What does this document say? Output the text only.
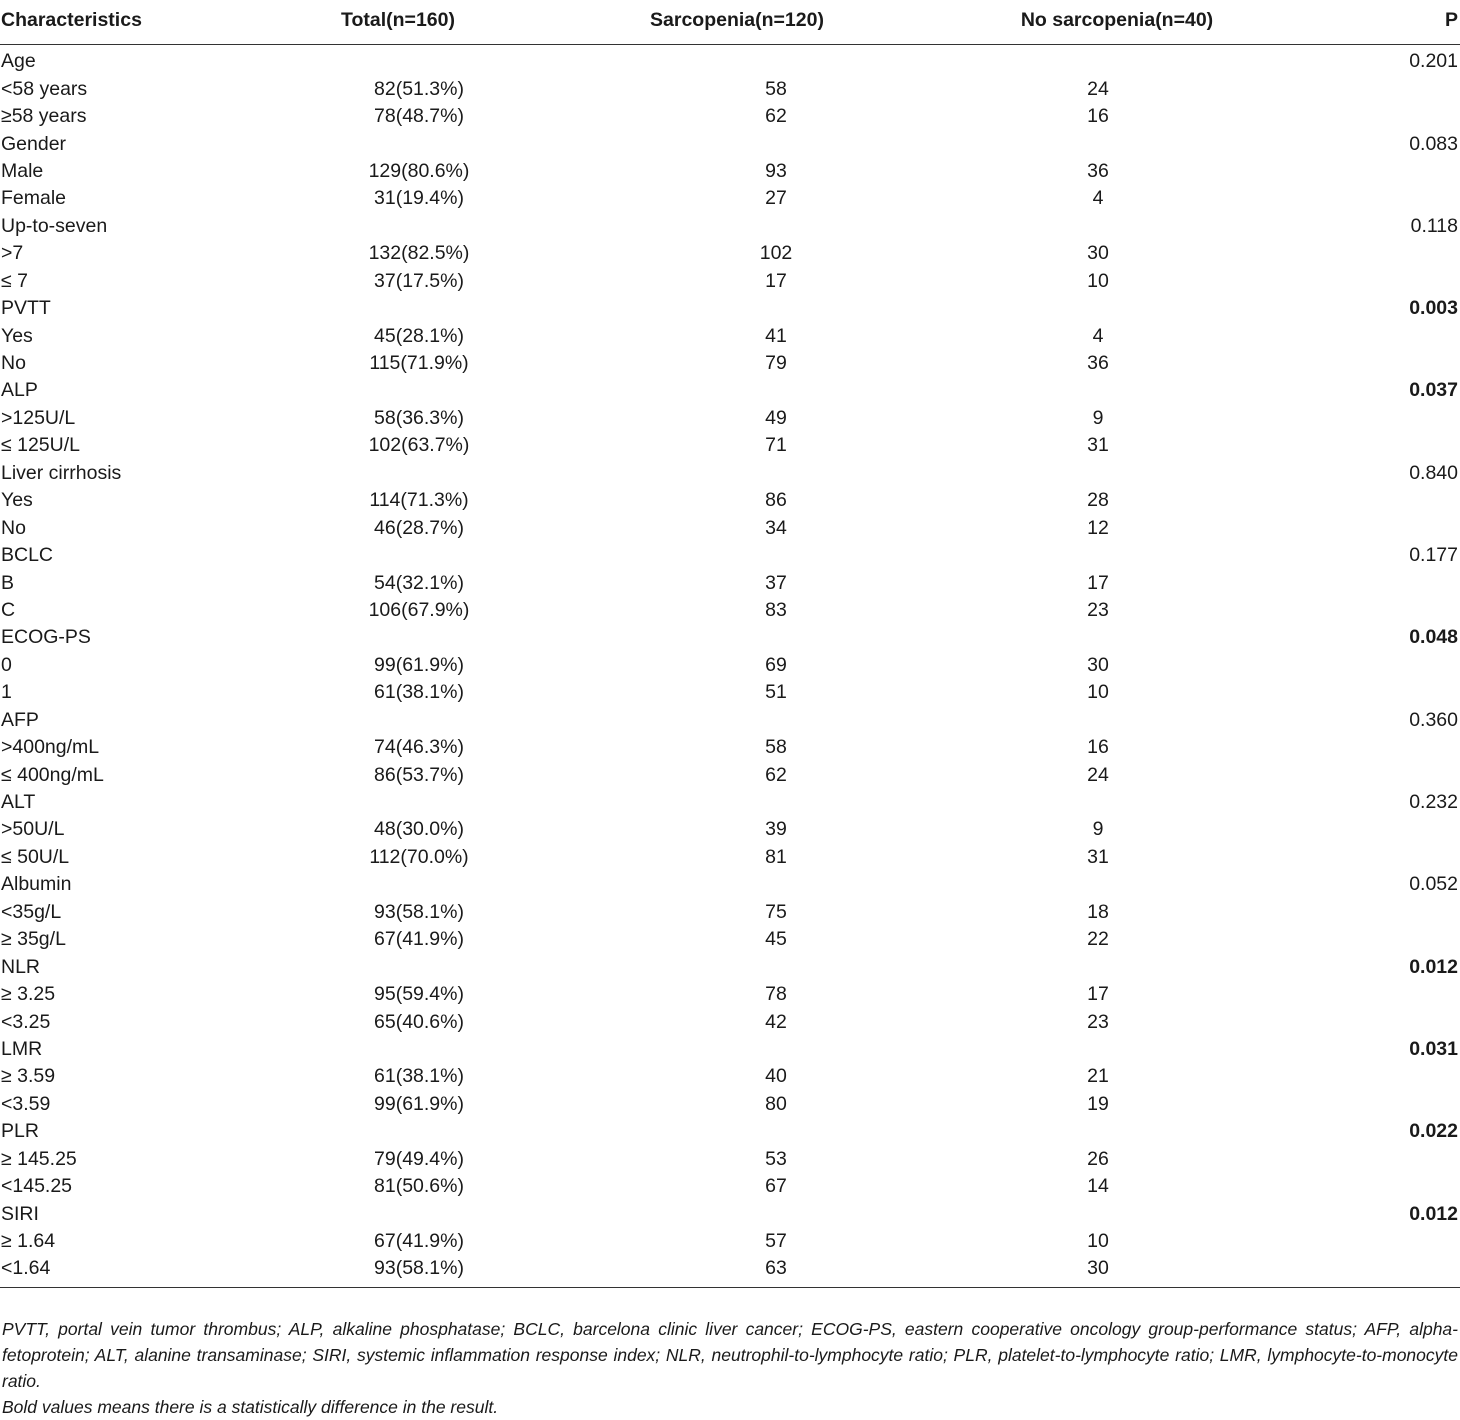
Characteristics	Total(n=160)	Sarcopenia(n=120)	No sarcopenia(n=40)	P
Age				0.201
<58 years	82(51.3%)	58	24	
≥58 years	78(48.7%)	62	16	
Gender				0.083
Male	129(80.6%)	93	36	
Female	31(19.4%)	27	4	
Up-to-seven				0.118
>7	132(82.5%)	102	30	
≤ 7	37(17.5%)	17	10	
PVTT				0.003
Yes	45(28.1%)	41	4	
No	115(71.9%)	79	36	
ALP				0.037
>125U/L	58(36.3%)	49	9	
≤ 125U/L	102(63.7%)	71	31	
Liver cirrhosis				0.840
Yes	114(71.3%)	86	28	
No	46(28.7%)	34	12	
BCLC				0.177
B	54(32.1%)	37	17	
C	106(67.9%)	83	23	
ECOG-PS				0.048
0	99(61.9%)	69	30	
1	61(38.1%)	51	10	
AFP				0.360
>400ng/mL	74(46.3%)	58	16	
≤ 400ng/mL	86(53.7%)	62	24	
ALT				0.232
>50U/L	48(30.0%)	39	9	
≤ 50U/L	112(70.0%)	81	31	
Albumin				0.052
<35g/L	93(58.1%)	75	18	
≥ 35g/L	67(41.9%)	45	22	
NLR				0.012
≥ 3.25	95(59.4%)	78	17	
<3.25	65(40.6%)	42	23	
LMR				0.031
≥ 3.59	61(38.1%)	40	21	
<3.59	99(61.9%)	80	19	
PLR				0.022
≥ 145.25	79(49.4%)	53	26	
<145.25	81(50.6%)	67	14	
SIRI				0.012
≥ 1.64	67(41.9%)	57	10	
<1.64	93(58.1%)	63	30	

PVTT, portal vein tumor thrombus; ALP, alkaline phosphatase; BCLC, barcelona clinic liver cancer; ECOG-PS, eastern cooperative oncology group-performance status; AFP, alpha-fetoprotein; ALT, alanine transaminase; SIRI, systemic inflammation response index; NLR, neutrophil-to-lymphocyte ratio; PLR, platelet-to-lymphocyte ratio; LMR, lymphocyte-to-monocyte ratio.

Bold values means there is a statistically difference in the result.
